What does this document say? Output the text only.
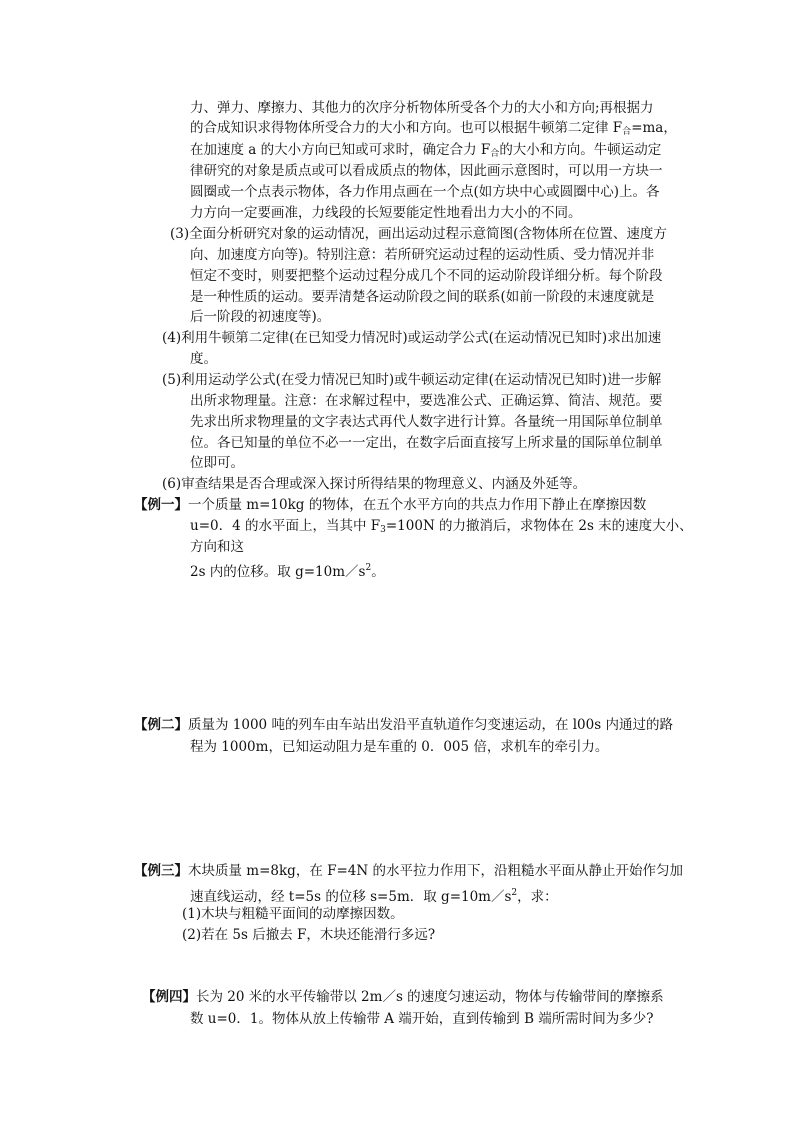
力、弹力、摩擦力、其他力的次序分析物体所受各个力的大小和方向;再根据力
的合成知识求得物体所受合力的大小和方向。也可以根据牛顿第二定律 $F_合=ma$，
在加速度 a 的大小方向已知或可求时，确定合力 $F_合$的大小和方向。牛顿运动定
律研究的对象是质点或可以看成质点的物体，因此画示意图时，可以用一方块一
圆圈或一个点表示物体，各力作用点画在一个点(如方块中心或圆圈中心)上。各
力方向一定要画准，力线段的长短要能定性地看出力大小的不同。
(3)全面分析研究对象的运动情况，画出运动过程示意简图(含物体所在位置、速度方
向、加速度方向等)。特别注意：若所研究运动过程的运动性质、受力情况并非
恒定不变时，则要把整个运动过程分成几个不同的运动阶段详细分析。每个阶段
是一种性质的运动。要弄清楚各运动阶段之间的联系(如前一阶段的末速度就是
后一阶段的初速度等)。
(4)利用牛顿第二定律(在已知受力情况时)或运动学公式(在运动情况已知时)求出加速
度。
(5)利用运动学公式(在受力情况已知时)或牛顿运动定律(在运动情况已知时)进一步解
出所求物理量。注意：在求解过程中，要选准公式、正确运算、简洁、规范。要
先求出所求物理量的文字表达式再代人数字进行计算。各量统一用国际单位制单
位。各已知量的单位不必一一定出，在数字后面直接写上所求量的国际单位制单
位即可。
(6)审查结果是否合理或深入探讨所得结果的物理意义、内涵及外延等。
【例一】一个质量 m=10kg 的物体，在五个水平方向的共点力作用下静止在摩擦因数
u=0．4 的水平面上，当其中 $F_3=100N$ 的力撤消后，求物体在 2s 末的速度大小、
方向和这
2s 内的位移。取 $g=10m/s^2$。
【例二】质量为 1000 吨的列车由车站出发沿平直轨道作匀变速运动，在 l00s 内通过的路
程为 1000m，已知运动阻力是车重的 0．005 倍，求机车的牵引力。
【例三】木块质量 m=8kg，在 F=4N 的水平拉力作用下，沿粗糙水平面从静止开始作匀加
速直线运动，经 t=5s 的位移 s=5m．取 $g=10m/s^2$，求：
(1)木块与粗糙平面间的动摩擦因数。
(2)若在 5s 后撤去 F，木块还能滑行多远?
【例四】长为 20 米的水平传输带以 2m／s 的速度匀速运动，物体与传输带间的摩擦系
数 u=0．1。物体从放上传输带 A 端开始，直到传输到 B 端所需时间为多少?
